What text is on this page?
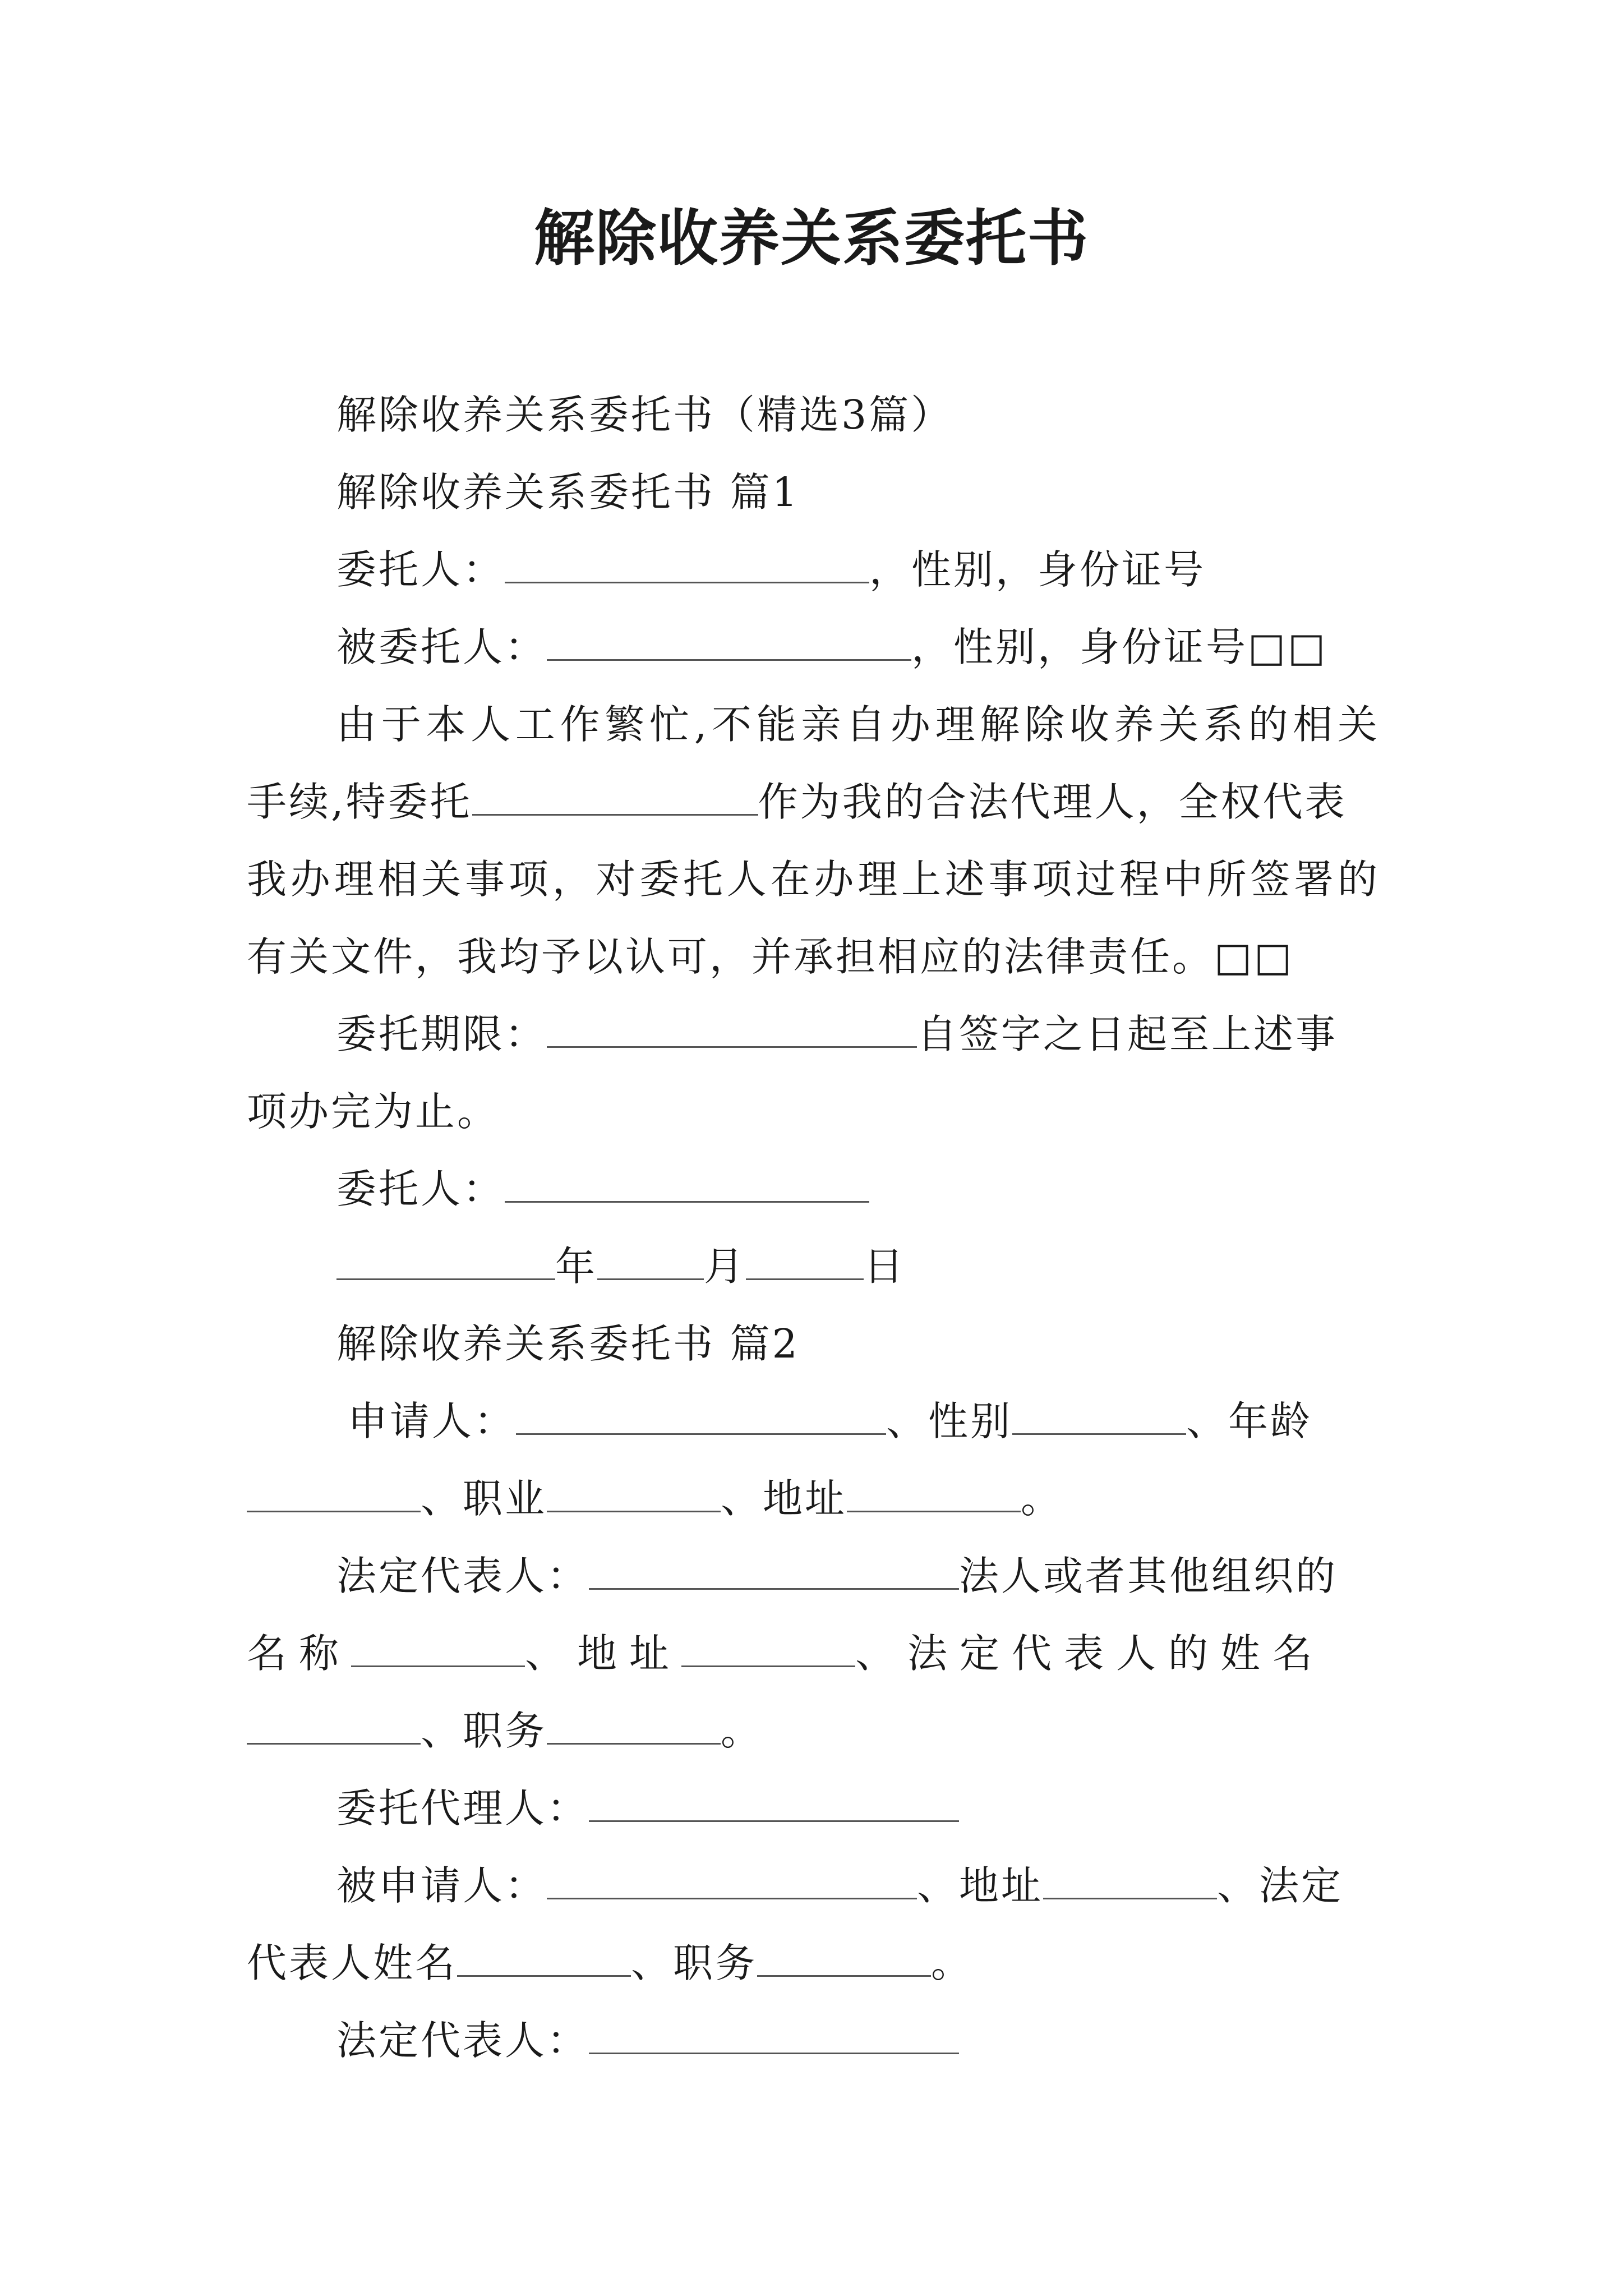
解除收养关系委托书
解除收养关系委托书（精选3篇）
解除收养关系委托书 篇1
委托人：	，性别，身份证号
被委托人：	，性别，身份证号□□
由于本人工作繁忙,不能亲自办理解除收养关系的相关
手续,特委托	作为我的合法代理人，全权代表
我办理相关事项，对委托人在办理上述事项过程中所签署的
有关文件，我均予以认可，并承担相应的法律责任。□□
委托期限：	自签字之日起至上述事
项办完为止。
委托人：
年	月	日
解除收养关系委托书 篇2
申请人：	、性别	、年龄
、职业	、地址	。
法定代表人：	法人或者其他组织的
名称	、地址	、法定代表人的姓名
、职务	。
委托代理人：
被申请人：	、地址	、法定
代表人姓名	、职务	。
法定代表人：
